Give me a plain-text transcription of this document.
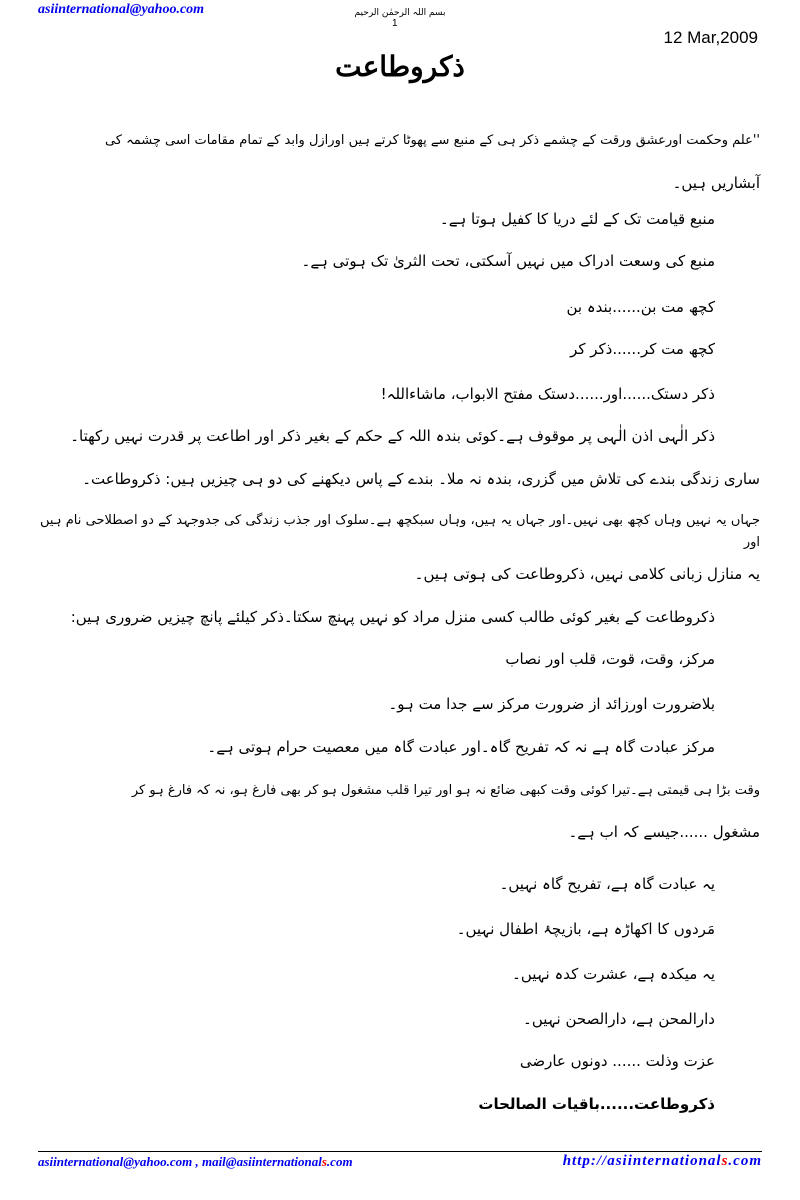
asiinternational@yahoo.com	بسم اللہ الرحمٰن الرحیم
1
12 Mar,2009
ذکروطاعت
''علم وحکمت اورعشق ورقت کے چشمے ذکر ہی کے منبع سے پھوٹا کرتے ہیں اورازل وابد کے تمام مقامات اسی چشمہ کی
آبشاریں ہیں۔
منبع قیامت تک کے لئے دریا کا کفیل ہوتا ہے۔
منبع کی وسعت ادراک میں نہیں آسکتی، تحت الثریٰ تک ہوتی ہے۔
کچھ مت بن......بندہ بن
کچھ مت کر......ذکر کر
ذکر دستک......اور......دستک مفتح الابواب، ماشاءاللہ!
ذکر الٰہی اذن الٰہی پر موقوف ہے۔کوئی بندہ اللہ کے حکم کے بغیر ذکر اور اطاعت پر قدرت نہیں رکھتا۔
ساری زندگی بندے کی تلاش میں گزری، بندہ نہ ملا۔ بندے کے پاس دیکھنے کی دو ہی چیزیں ہیں: ذکروطاعت۔
جہاں یہ نہیں وہاں کچھ بھی نہیں۔اور جہاں یہ ہیں، وہاں سبکچھ ہے۔سلوک اور جذب زندگی کی جدوجہد کے دو اصطلاحی نام ہیں اور
یہ منازل زبانی کلامی نہیں، ذکروطاعت کی ہوتی ہیں۔
ذکروطاعت کے بغیر کوئی طالب کسی منزل مراد کو نہیں پہنچ سکتا۔ذکر کیلئے پانچ چیزیں ضروری ہیں:
مرکز، وقت، قوت، قلب اور نصاب
بلاضرورت اورزائد از ضرورت مرکز سے جدا مت ہو۔
مرکز عبادت گاہ ہے نہ کہ تفریح گاہ۔اور عبادت گاہ میں معصیت حرام ہوتی ہے۔
وقت بڑا ہی قیمتی ہے۔تیرا کوئی وقت کبھی ضائع نہ ہو اور تیرا قلب مشغول ہو کر بھی فارغ ہو، نہ کہ فارغ ہو کر
مشغول ......جیسے کہ اب ہے۔
یہ عبادت گاہ ہے، تفریح گاہ نہیں۔
مَردوں کا اکھاڑہ ہے، بازیچۂ اطفال نہیں۔
یہ میکدہ ہے، عشرت کدہ نہیں۔
دارالمحن ہے، دارالصحن نہیں۔
عزت وذلت ...... دونوں عارضی
ذکروطاعت......باقیات الصالحات
asiinternational@yahoo.com , mail@asiinternationals.com	http://asiinternationals.com
